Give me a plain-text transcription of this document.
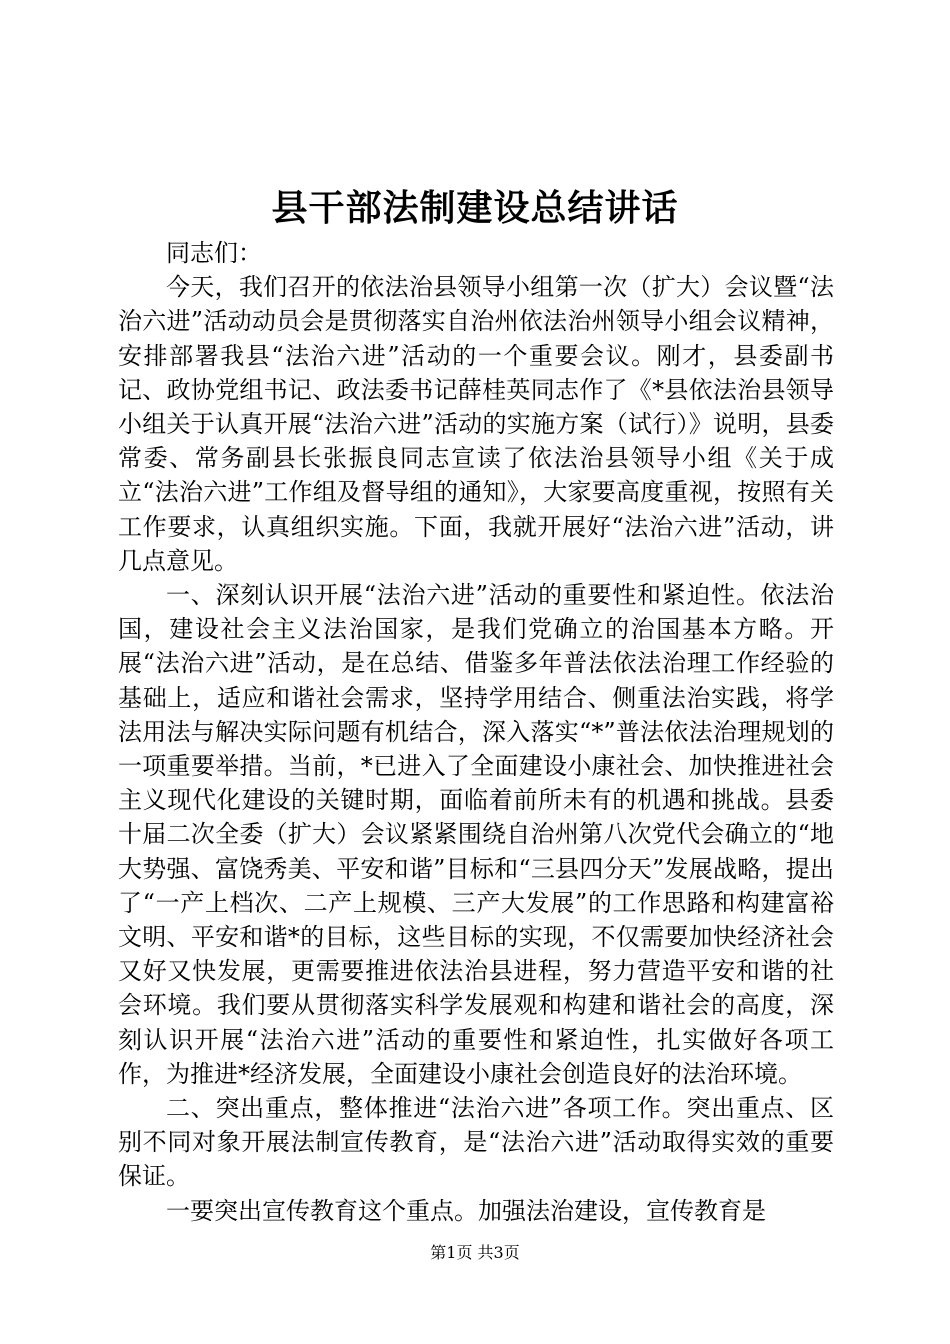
县干部法制建设总结讲话

同志们：

今天，我们召开的依法治县领导小组第一次（扩大）会议暨“法治六进”活动动员会是贯彻落实自治州依法治州领导小组会议精神，安排部署我县“法治六进”活动的一个重要会议。刚才，县委副书记、政协党组书记、政法委书记薛桂英同志作了《*县依法治县领导小组关于认真开展“法治六进”活动的实施方案（试行）》说明，县委常委、常务副县长张振良同志宣读了依法治县领导小组《关于成立“法治六进”工作组及督导组的通知》，大家要高度重视，按照有关工作要求，认真组织实施。下面，我就开展好“法治六进”活动，讲几点意见。

一、深刻认识开展“法治六进”活动的重要性和紧迫性。依法治国，建设社会主义法治国家，是我们党确立的治国基本方略。开展“法治六进”活动，是在总结、借鉴多年普法依法治理工作经验的基础上，适应和谐社会需求，坚持学用结合、侧重法治实践，将学法用法与解决实际问题有机结合，深入落实“*”普法依法治理规划的一项重要举措。当前，*已进入了全面建设小康社会、加快推进社会主义现代化建设的关键时期，面临着前所未有的机遇和挑战。县委十届二次全委（扩大）会议紧紧围绕自治州第八次党代会确立的“地大势强、富饶秀美、平安和谐”目标和“三县四分天”发展战略，提出了“一产上档次、二产上规模、三产大发展”的工作思路和构建富裕文明、平安和谐*的目标，这些目标的实现，不仅需要加快经济社会又好又快发展，更需要推进依法治县进程，努力营造平安和谐的社会环境。我们要从贯彻落实科学发展观和构建和谐社会的高度，深刻认识开展“法治六进”活动的重要性和紧迫性，扎实做好各项工作，为推进*经济发展，全面建设小康社会创造良好的法治环境。

二、突出重点，整体推进“法治六进”各项工作。突出重点、区别不同对象开展法制宣传教育，是“法治六进”活动取得实效的重要保证。

一要突出宣传教育这个重点。加强法治建设，宣传教育是

第1页 共3页
